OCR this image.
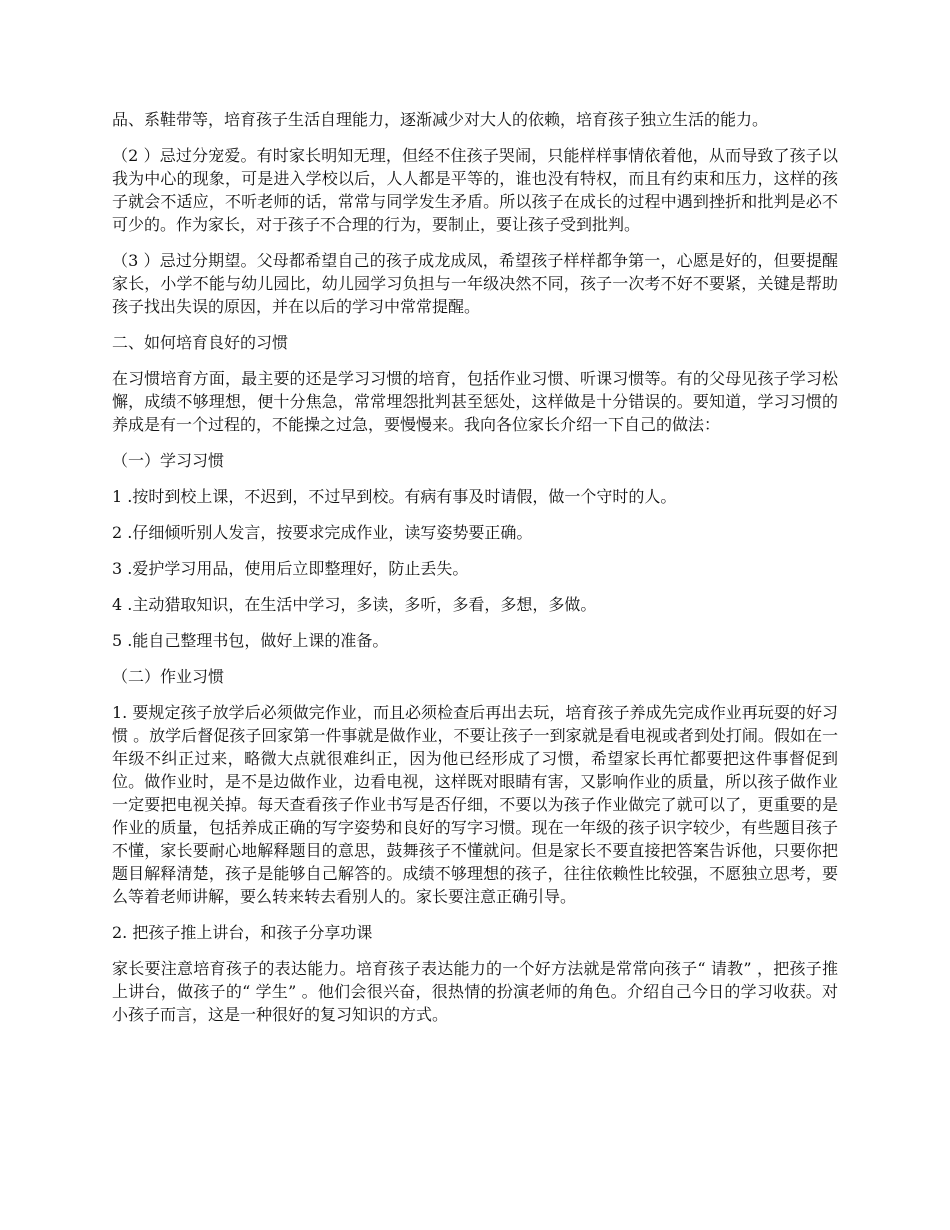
品、系鞋带等，培育孩子生活自理能力，逐渐减少对大人的依赖，培育孩子独立生活的能力。

（2 ）忌过分宠爱。有时家长明知无理，但经不住孩子哭闹，只能样样事情依着他，从而导致了孩子以我为中心的现象，可是进入学校以后，人人都是平等的，谁也没有特权，而且有约束和压力，这样的孩子就会不适应，不听老师的话，常常与同学发生矛盾。所以孩子在成长的过程中遇到挫折和批判是必不可少的。作为家长，对于孩子不合理的行为，要制止，要让孩子受到批判。

（3 ）忌过分期望。父母都希望自己的孩子成龙成凤，希望孩子样样都争第一，心愿是好的，但要提醒家长，小学不能与幼儿园比，幼儿园学习负担与一年级决然不同，孩子一次考不好不要紧，关键是帮助孩子找出失误的原因，并在以后的学习中常常提醒。

二、如何培育良好的习惯

在习惯培育方面，最主要的还是学习习惯的培育，包括作业习惯、听课习惯等。有的父母见孩子学习松懈，成绩不够理想，便十分焦急，常常埋怨批判甚至惩处，这样做是十分错误的。要知道，学习习惯的养成是有一个过程的，不能操之过急，要慢慢来。我向各位家长介绍一下自己的做法：

（一）学习习惯

1 .按时到校上课，不迟到，不过早到校。有病有事及时请假，做一个守时的人。

2 .仔细倾听别人发言，按要求完成作业，读写姿势要正确。

3 .爱护学习用品，使用后立即整理好，防止丢失。

4 .主动猎取知识，在生活中学习，多读，多听，多看，多想，多做。

5 .能自己整理书包，做好上课的准备。

（二）作业习惯

1. 要规定孩子放学后必须做完作业，而且必须检查后再出去玩，培育孩子养成先完成作业再玩耍的好习惯 。放学后督促孩子回家第一件事就是做作业，不要让孩子一到家就是看电视或者到处打闹。假如在一年级不纠正过来，略微大点就很难纠正，因为他已经形成了习惯，希望家长再忙都要把这件事督促到位。做作业时，是不是边做作业，边看电视，这样既对眼睛有害，又影响作业的质量，所以孩子做作业一定要把电视关掉。每天查看孩子作业书写是否仔细，不要以为孩子作业做完了就可以了，更重要的是作业的质量，包括养成正确的写字姿势和良好的写字习惯。现在一年级的孩子识字较少，有些题目孩子不懂，家长要耐心地解释题目的意思，鼓舞孩子不懂就问。但是家长不要直接把答案告诉他，只要你把题目解释清楚，孩子是能够自己解答的。成绩不够理想的孩子，往往依赖性比较强，不愿独立思考，要么等着老师讲解，要么转来转去看别人的。家长要注意正确引导。

2. 把孩子推上讲台，和孩子分享功课

家长要注意培育孩子的表达能力。培育孩子表达能力的一个好方法就是常常向孩子“ 请教” ，把孩子推上讲台，做孩子的“ 学生” 。他们会很兴奋，很热情的扮演老师的角色。介绍自己今日的学习收获。对小孩子而言，这是一种很好的复习知识的方式。
